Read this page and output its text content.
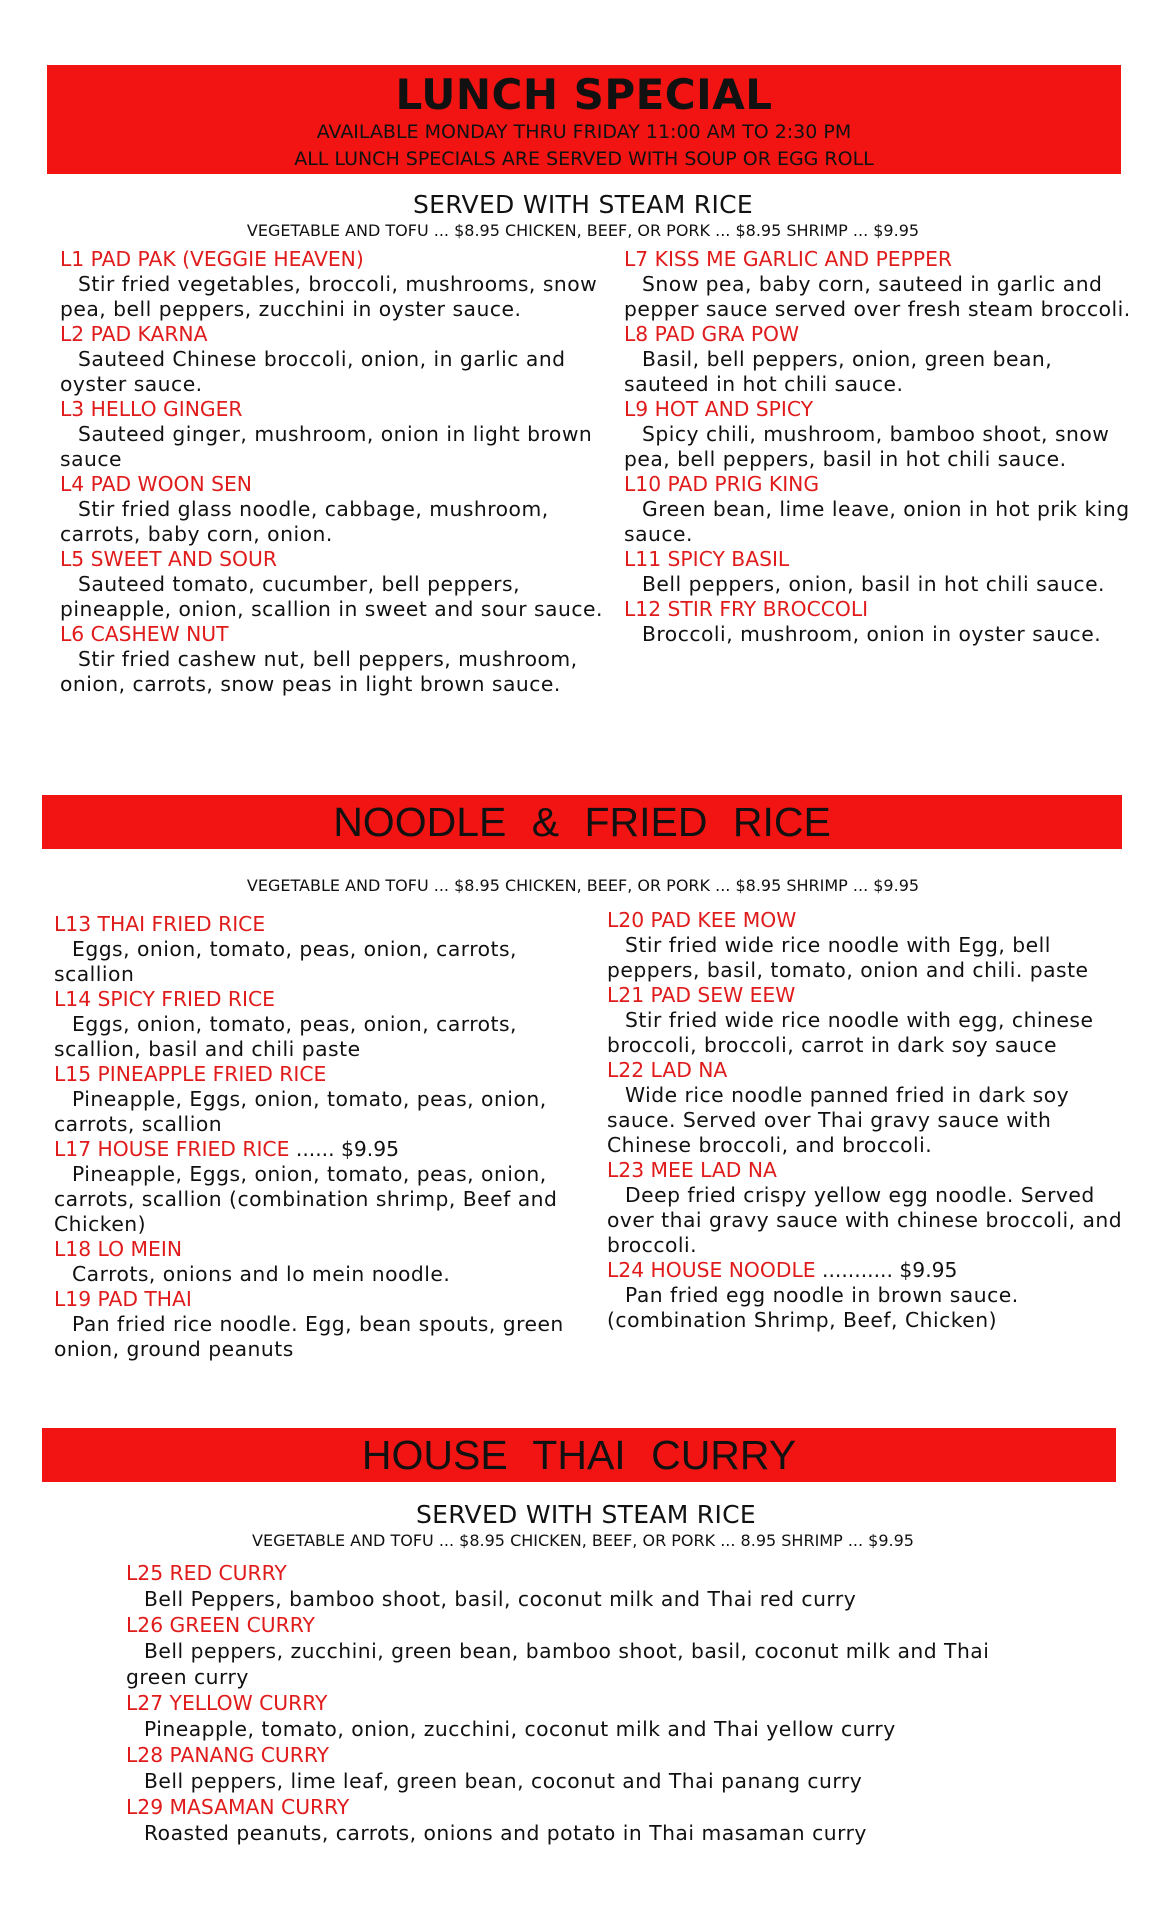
LUNCH SPECIAL
AVAILABLE MONDAY THRU FRIDAY 11:00 AM TO 2:30 PM
ALL LUNCH SPECIALS ARE SERVED WITH SOUP OR EGG ROLL
SERVED WITH STEAM RICE
VEGETABLE AND TOFU ... $8.95 CHICKEN, BEEF, OR PORK ... $8.95 SHRIMP ... $9.95
L1 PAD PAK (VEGGIE HEAVEN)
Stir fried vegetables, broccoli, mushrooms, snow pea, bell peppers, zucchini in oyster sauce.
L2 PAD KARNA
Sauteed Chinese broccoli, onion, in garlic and oyster sauce.
L3 HELLO GINGER
Sauteed ginger, mushroom, onion in light brown sauce
L4 PAD WOON SEN
Stir fried glass noodle, cabbage, mushroom, carrots, baby corn, onion.
L5 SWEET AND SOUR
Sauteed tomato, cucumber, bell peppers, pineapple, onion, scallion in sweet and sour sauce.
L6 CASHEW NUT
Stir fried cashew nut, bell peppers, mushroom, onion, carrots, snow peas in light brown sauce.
L7 KISS ME GARLIC AND PEPPER
Snow pea, baby corn, sauteed in garlic and pepper sauce served over fresh steam broccoli.
L8 PAD GRA POW
Basil, bell peppers, onion, green bean, sauteed in hot chili sauce.
L9 HOT AND SPICY
Spicy chili, mushroom, bamboo shoot, snow pea, bell peppers, basil in hot chili sauce.
L10 PAD PRIG KING
Green bean, lime leave, onion in hot prik king sauce.
L11 SPICY BASIL
Bell peppers, onion, basil in hot chili sauce.
L12 STIR FRY BROCCOLI
Broccoli, mushroom, onion in oyster sauce.
NOODLE & FRIED RICE
VEGETABLE AND TOFU ... $8.95 CHICKEN, BEEF, OR PORK ... $8.95 SHRIMP ... $9.95
L13 THAI FRIED RICE
Eggs, onion, tomato, peas, onion, carrots, scallion
L14 SPICY FRIED RICE
Eggs, onion, tomato, peas, onion, carrots, scallion, basil and chili paste
L15 PINEAPPLE FRIED RICE
Pineapple, Eggs, onion, tomato, peas, onion, carrots, scallion
L17 HOUSE FRIED RICE ...... $9.95
Pineapple, Eggs, onion, tomato, peas, onion, carrots, scallion (combination shrimp, Beef and Chicken)
L18 LO MEIN
Carrots, onions and lo mein noodle.
L19 PAD THAI
Pan fried rice noodle. Egg, bean spouts, green onion, ground peanuts
L20 PAD KEE MOW
Stir fried wide rice noodle with Egg, bell peppers, basil, tomato, onion and chili. paste
L21 PAD SEW EEW
Stir fried wide rice noodle with egg, chinese broccoli, broccoli, carrot in dark soy sauce
L22 LAD NA
Wide rice noodle panned fried in dark soy sauce. Served over Thai gravy sauce with Chinese broccoli, and broccoli.
L23 MEE LAD NA
Deep fried crispy yellow egg noodle. Served over thai gravy sauce with chinese broccoli, and broccoli.
L24 HOUSE NOODLE ........... $9.95
Pan fried egg noodle in brown sauce. (combination Shrimp, Beef, Chicken)
HOUSE THAI CURRY
SERVED WITH STEAM RICE
VEGETABLE AND TOFU ... $8.95 CHICKEN, BEEF, OR PORK ... 8.95 SHRIMP ... $9.95
L25 RED CURRY
Bell Peppers, bamboo shoot, basil, coconut milk and Thai red curry
L26 GREEN CURRY
Bell peppers, zucchini, green bean, bamboo shoot, basil, coconut milk and Thai green curry
L27 YELLOW CURRY
Pineapple, tomato, onion, zucchini, coconut milk and Thai yellow curry
L28 PANANG CURRY
Bell peppers, lime leaf, green bean, coconut and Thai panang curry
L29 MASAMAN CURRY
Roasted peanuts, carrots, onions and potato in Thai masaman curry
